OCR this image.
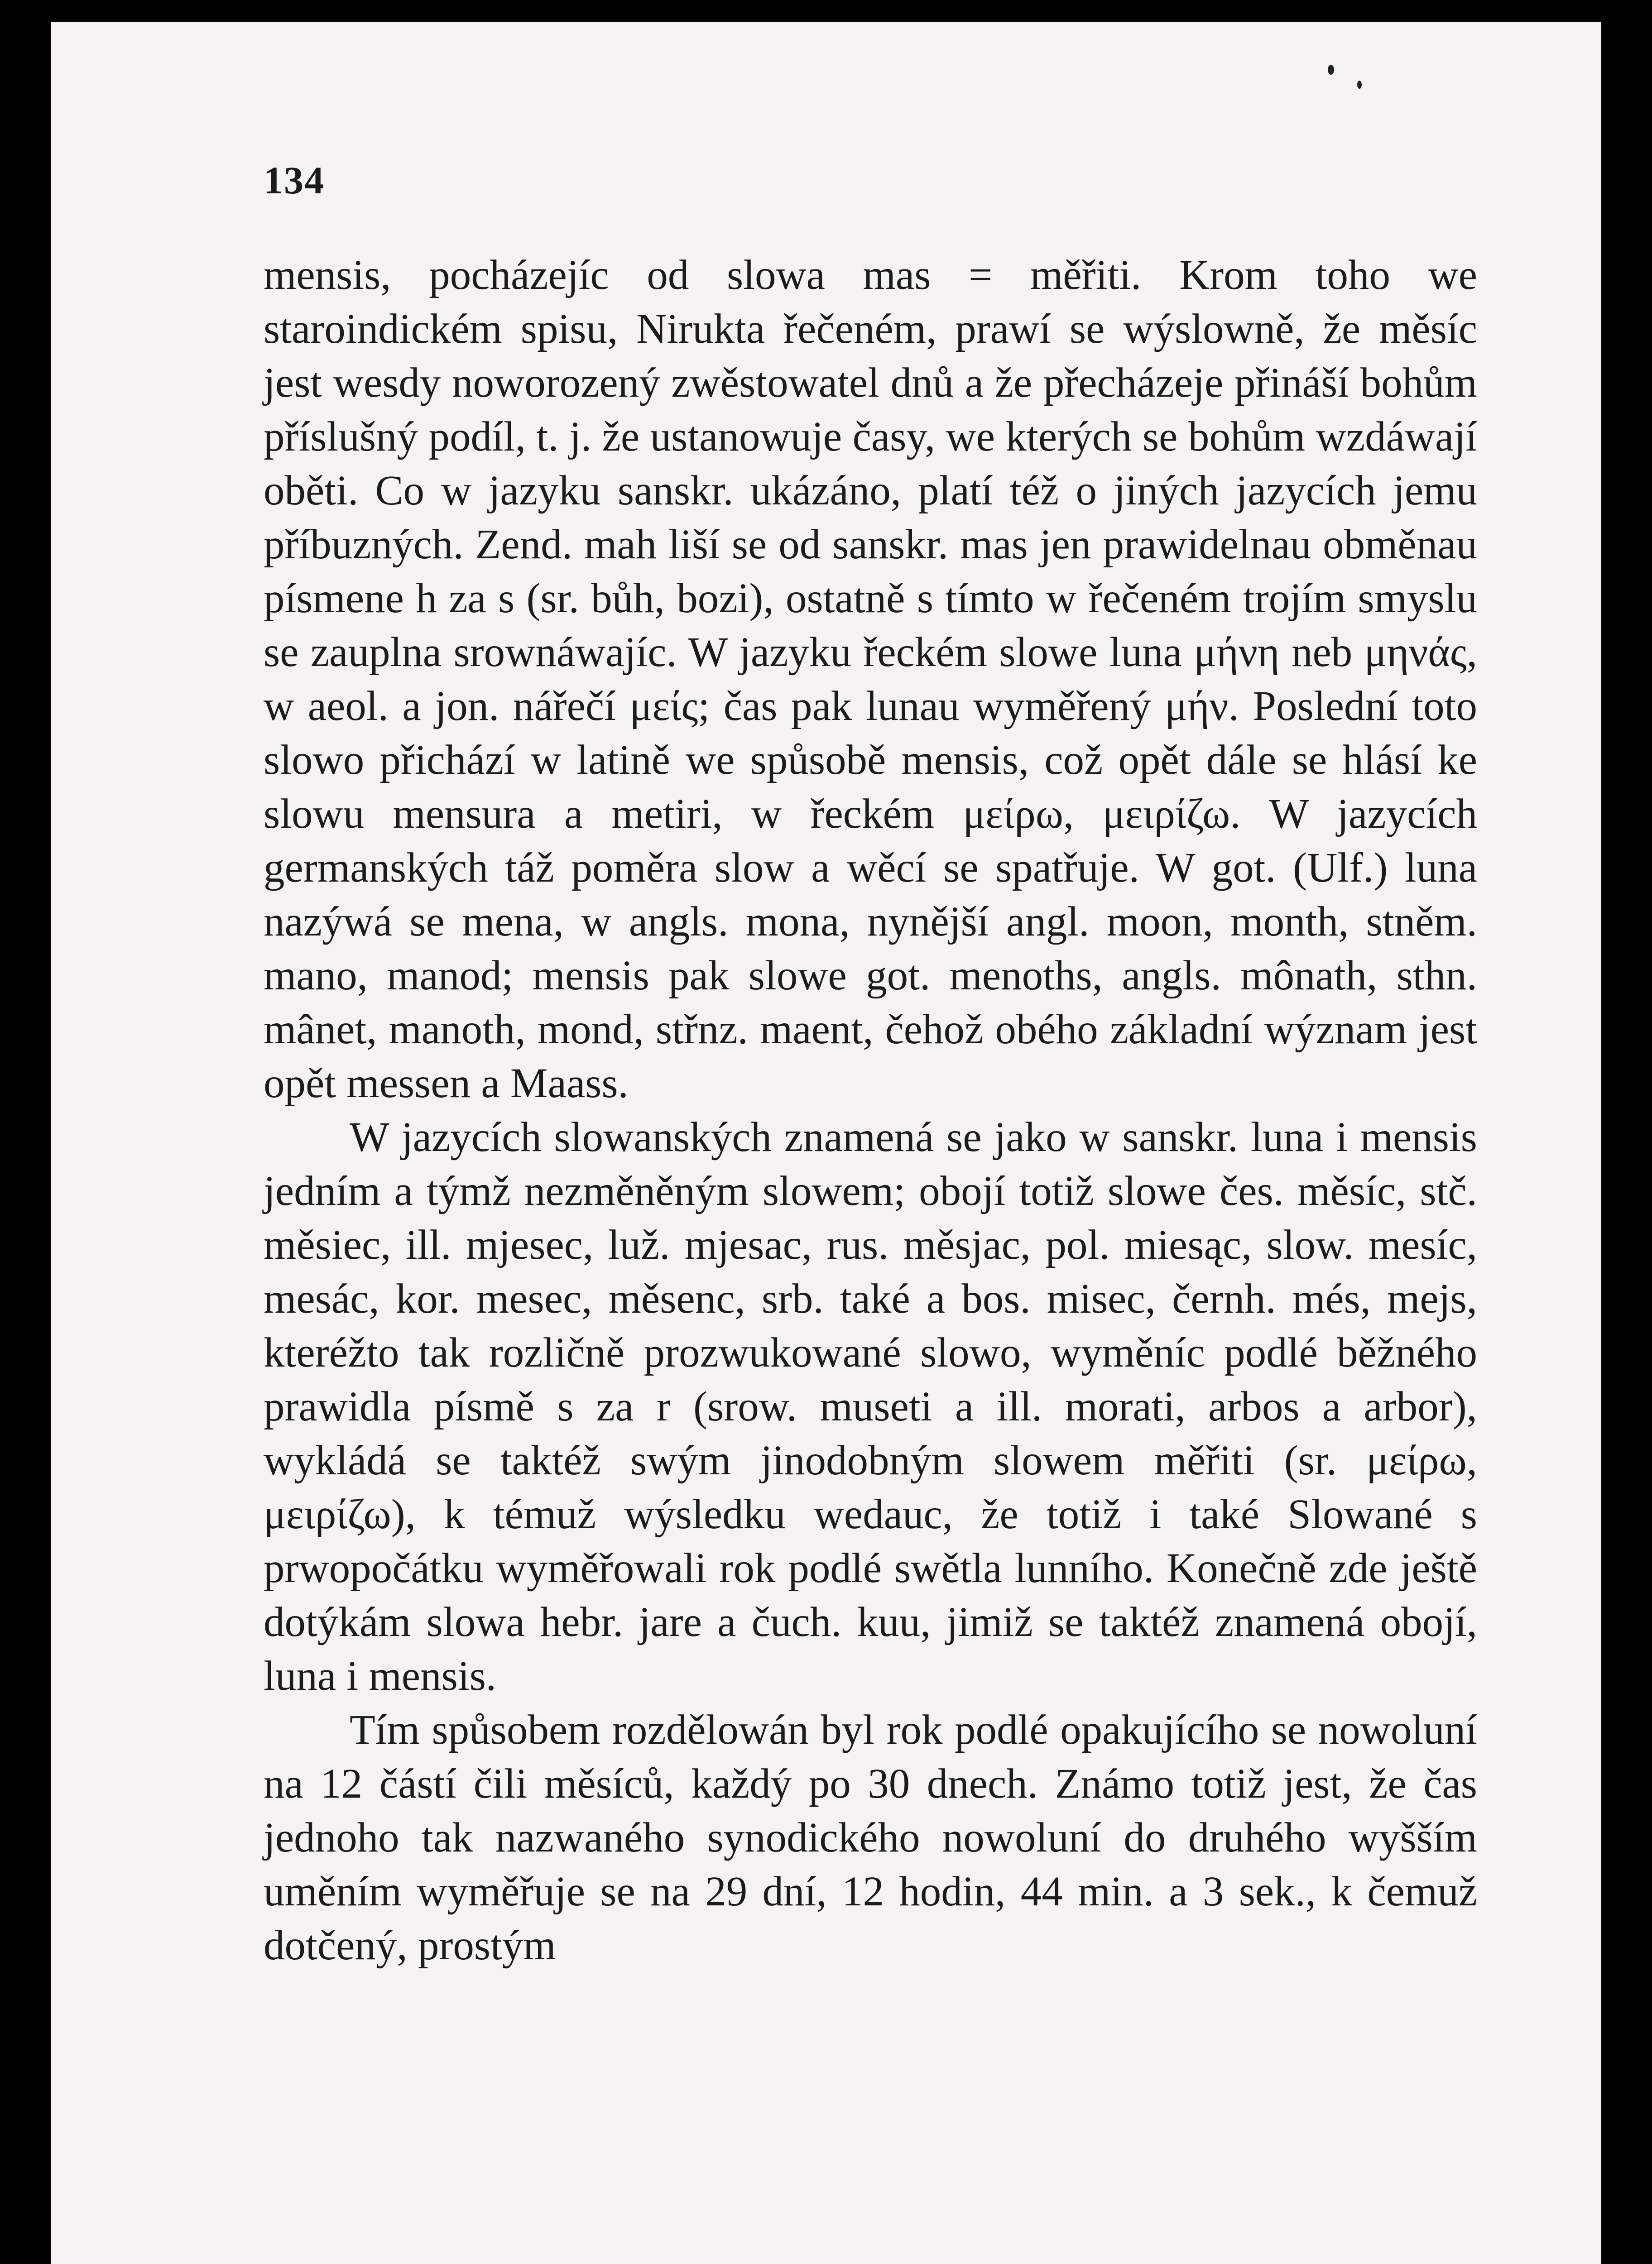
134

mensis, pocházejíc od slowa mas = měřiti. Krom toho we staroindickém spisu, Nirukta řečeném, prawí se wýslowně, že měsíc jest wesdy noworozený zwěstowatel dnů a že přecházeje přináší bohům příslušný podíl, t. j. že ustanowuje časy, we kterých se bohům wzdáwají oběti. Co w jazyku sanskr. ukázáno, platí též o jiných jazycích jemu příbuzných. Zend. mah liší se od sanskr. mas jen prawidelnau obměnau písmene h za s (sr. bůh, bozi), ostatně s tímto w řečeném trojím smyslu se zauplna srownáwajíc. W jazyku řeckém slowe luna μήνη neb μηνάς, w aeol. a jon. nářečí μείς; čas pak lunau wyměřený μήν. Poslední toto slowo přichází w latině we spůsobě mensis, což opět dále se hlásí ke slowu mensura a metiri, w řeckém μείρω, μειρίζω. W jazycích germanských táž poměra slow a wěcí se spatřuje. W got. (Ulf.) luna nazýwá se mena, w angls. mona, nynější angl. moon, month, stněm. mano, manod; mensis pak slowe got. menoths, angls. mônath, sthn. mânet, manoth, mond, střnz. maent, čehož obého základní wýznam jest opět messen a Maass.

W jazycích slowanských znamená se jako w sanskr. luna i mensis jedním a týmž nezměněným slowem; obojí totiž slowe čes. měsíc, stč. měsiec, ill. mjesec, luž. mjesac, rus. měsjac, pol. miesąc, slow. mesíc, mesác, kor. mesec, měsenc, srb. také a bos. misec, černh. més, mejs, kteréžto tak rozličně prozwukowané slowo, wyměníc podlé běžného prawidla písmě s za r (srow. museti a ill. morati, arbos a arbor), wykládá se taktéž swým jinodobným slowem měřiti (sr. μείρω, μειρίζω), k témuž wýsledku wedauc, že totiž i také Slowané s prwopočátku wyměřowali rok podlé swětla lunního. Konečně zde ještě dotýkám slowa hebr. jare a čuch. kuu, jimiž se taktéž znamená obojí, luna i mensis.

Tím spůsobem rozdělowán byl rok podlé opakujícího se nowoluní na 12 částí čili měsíců, každý po 30 dnech. Známo totiž jest, že čas jednoho tak nazwaného synodického nowoluní do druhého wyšším uměním wyměřuje se na 29 dní, 12 hodin, 44 min. a 3 sek., k čemuž dotčený, prostým
